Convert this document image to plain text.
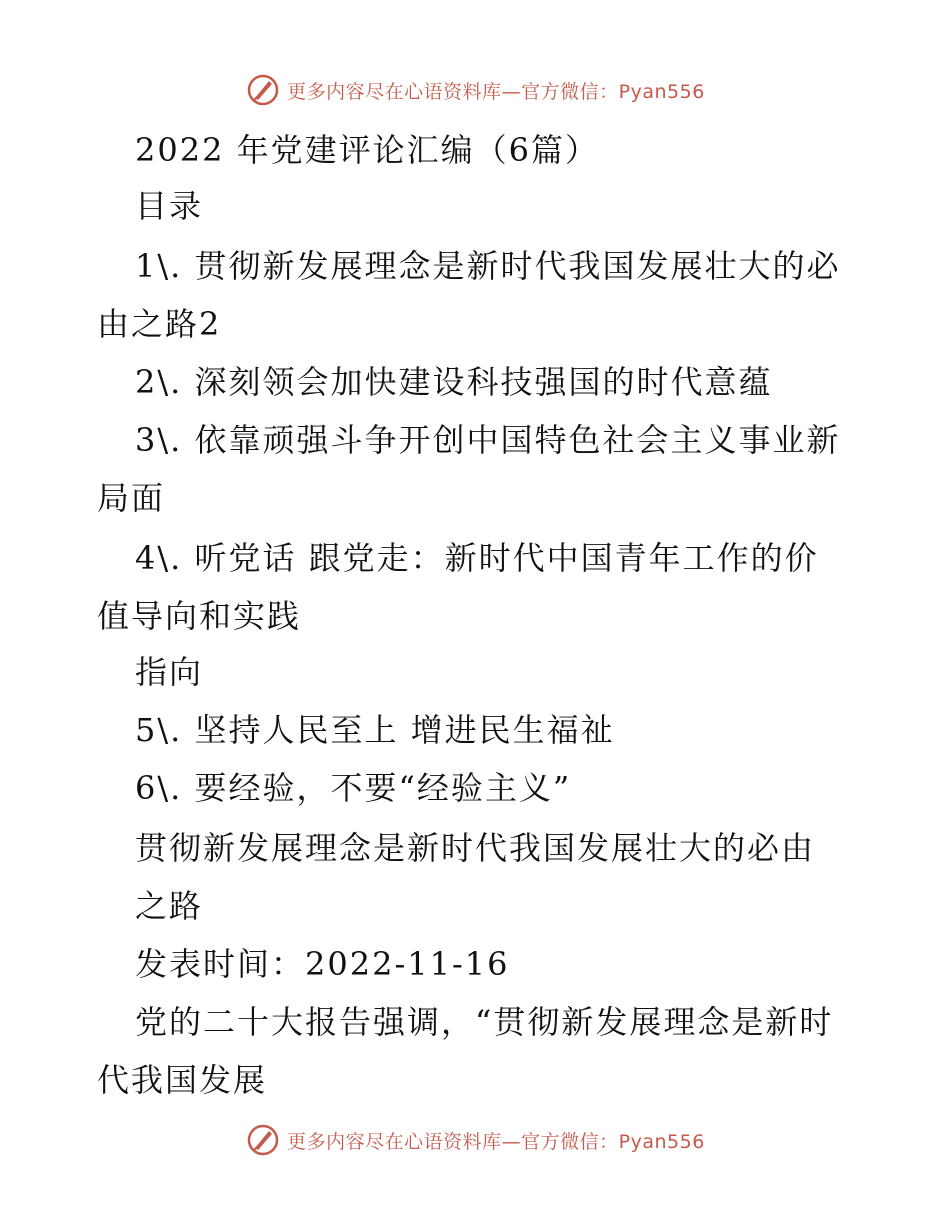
更多内容尽在心语资料库—官方微信：Pyan556
2022 年党建评论汇编（6篇）
目录
1\. 贯彻新发展理念是新时代我国发展壮大的必
由之路2
2\. 深刻领会加快建设科技强国的时代意蕴
3\. 依靠顽强斗争开创中国特色社会主义事业新
局面
4\. 听党话 跟党走：新时代中国青年工作的价
值导向和实践
指向
5\. 坚持人民至上 增进民生福祉
6\. 要经验，不要“经验主义”
贯彻新发展理念是新时代我国发展壮大的必由
之路
发表时间：2022-11-16
党的二十大报告强调，“贯彻新发展理念是新时
代我国发展
更多内容尽在心语资料库—官方微信：Pyan556
